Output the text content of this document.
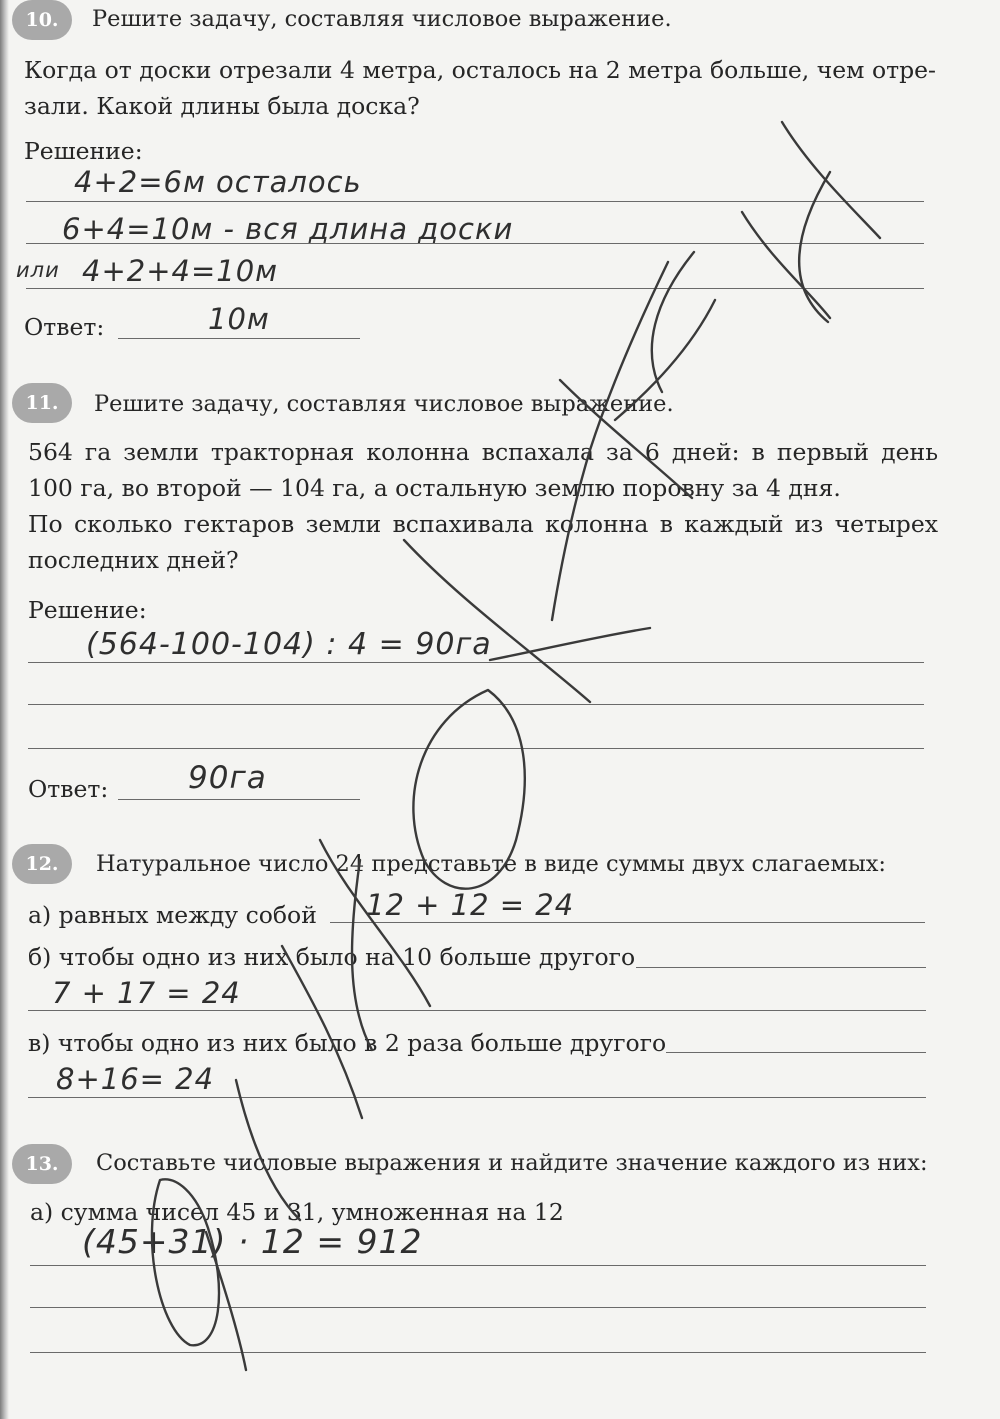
10.	Решите задачу, составляя числовое выражение.
Когда от доски отрезали 4 метра, осталось на 2 метра больше, чем отре-
зали. Какой длины была доска?
Решение:
4+2=6м осталось
6+4=10м - вся длина доски
или 4+2+4=10м
Ответ:	10м
11.	Решите задачу, составляя числовое выражение.
564 га земли тракторная колонна вспахала за 6 дней: в первый день
100 га, во второй — 104 га, а остальную землю поровну за 4 дня.
По сколько гектаров земли вспахивала колонна в каждый из четырех
последних дней?
Решение:
(564-100-104) : 4 = 90га
Ответ:	90га
12.	Натуральное число 24 представьте в виде суммы двух слагаемых:
а) равных между собой 12 + 12 = 24
б) чтобы одно из них было на 10 больше другого
7 + 17 = 24
в) чтобы одно из них было в 2 раза больше другого
8+16= 24
13.	Составьте числовые выражения и найдите значение каждого из них:
а) сумма чисел 45 и 31, умноженная на 12
(45+31) · 12 = 912
